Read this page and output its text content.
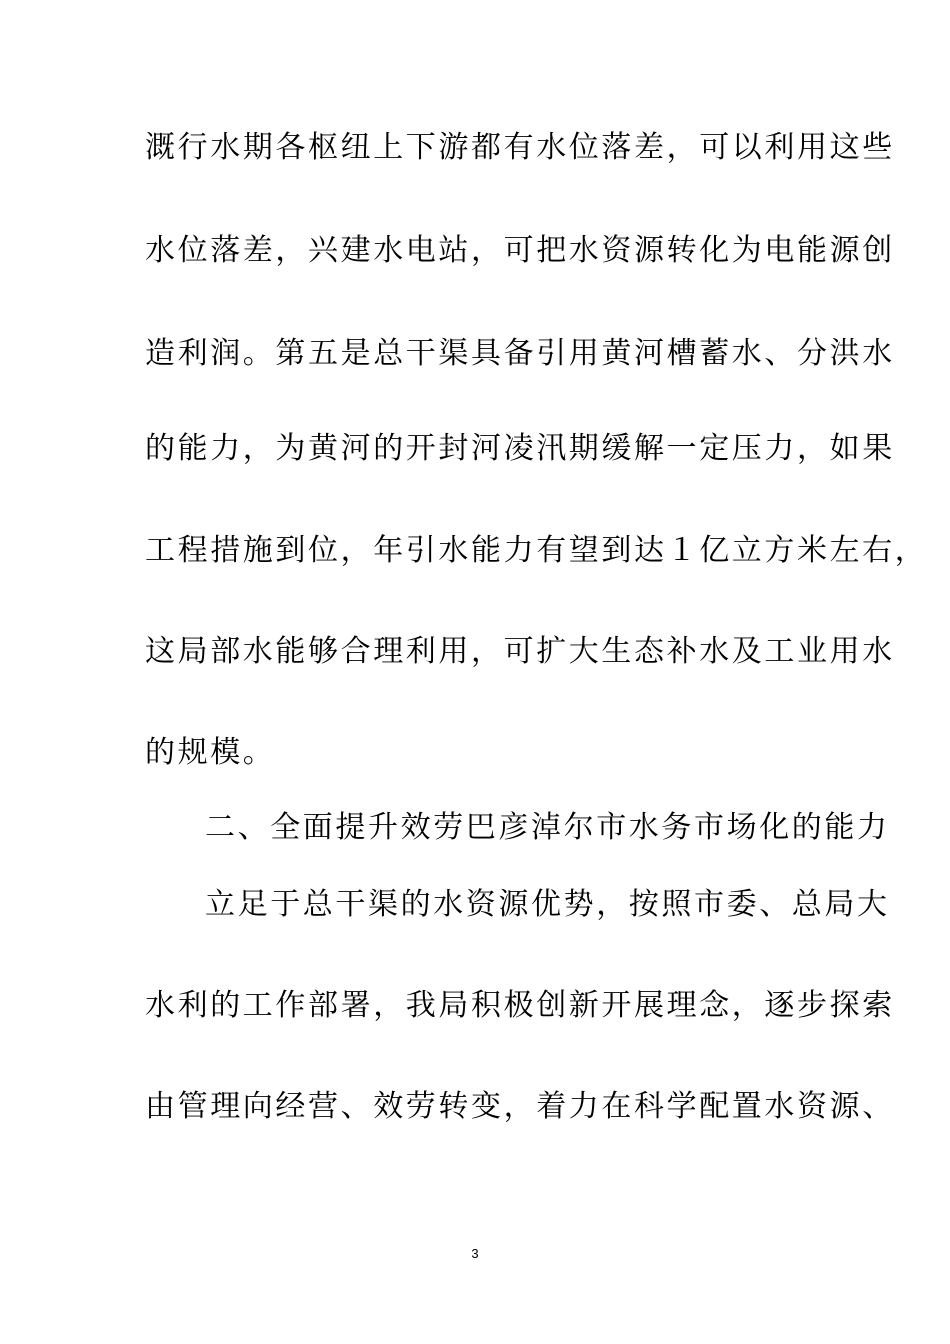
溉行水期各枢纽上下游都有水位落差，可以利用这些
水位落差，兴建水电站，可把水资源转化为电能源创
造利润。第五是总干渠具备引用黄河槽蓄水、分洪水
的能力，为黄河的开封河凌汛期缓解一定压力，如果
工程措施到位，年引水能力有望到达１亿立方米左右，
这局部水能够合理利用，可扩大生态补水及工业用水
的规模。
二、全面提升效劳巴彦淖尔市水务市场化的能力
立足于总干渠的水资源优势，按照市委、总局大
水利的工作部署，我局积极创新开展理念，逐步探索
由管理向经营、效劳转变，着力在科学配置水资源、
3
